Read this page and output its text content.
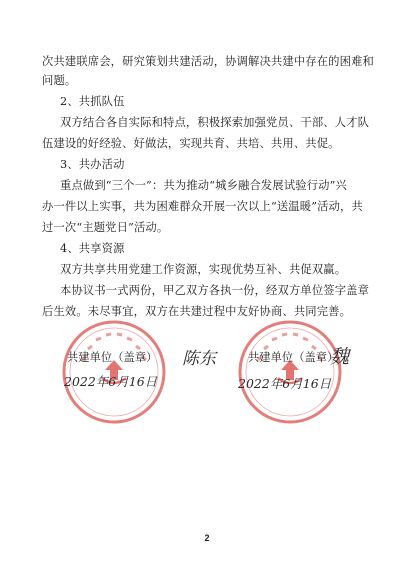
次共建联席会，研究策划共建活动，协调解决共建中存在的困难和
问题。
2、共抓队伍
双方结合各自实际和特点，积极探索加强党员、干部、人才队
伍建设的好经验、好做法，实现共育、共培、共用、共促。
3、共办活动
重点做到“三个一”：共为推动“城乡融合发展试验行动”兴
办一件以上实事，共为困难群众开展一次以上“送温暖”活动，共
过一次“主题党日”活动。
4、共享资源
双方共享共用党建工作资源，实现优势互补、共促双赢。
本协议书一式两份，甲乙双方各执一份，经双方单位签字盖章
后生效。未尽事宜，双方在共建过程中友好协商、共同完善。
共建单位（盖章） 陈东
2022年6月16日
共建单位（盖章）
魏
2022年6月16日
2
